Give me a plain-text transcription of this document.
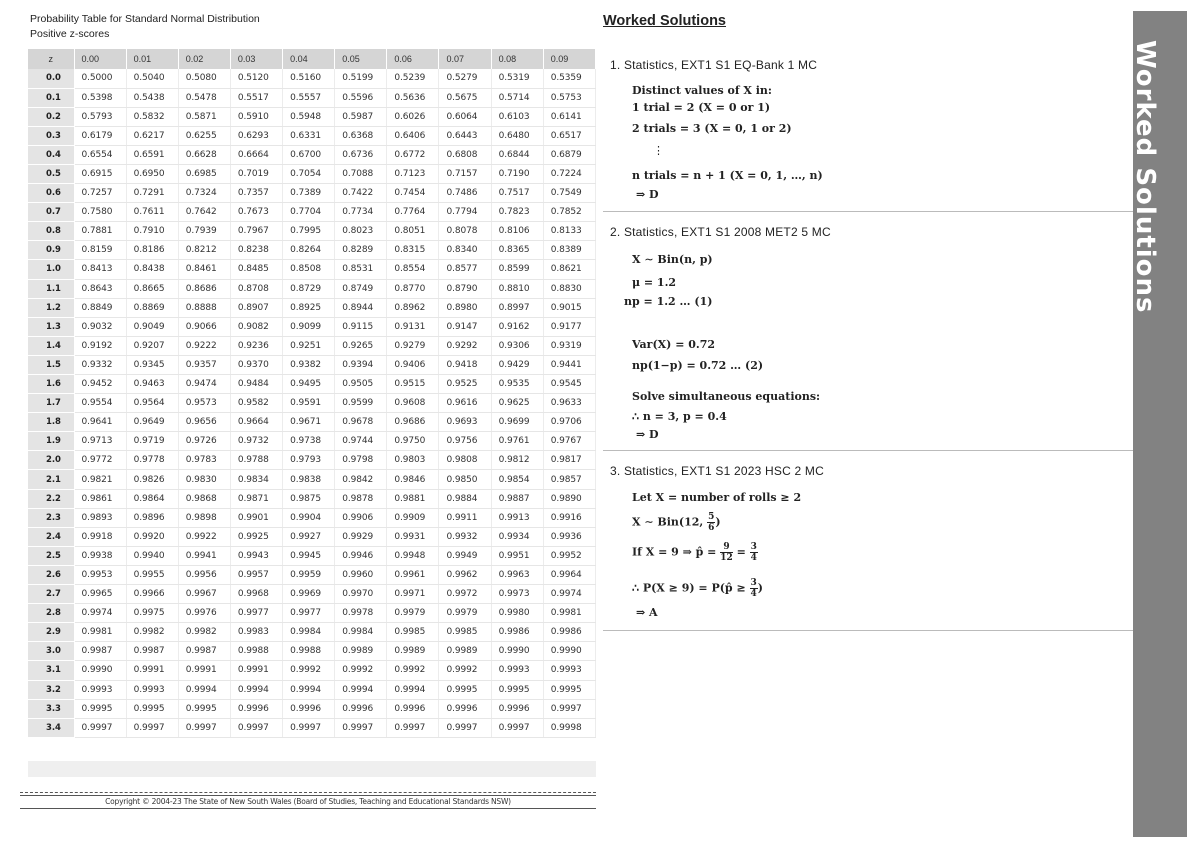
Probability Table for Standard Normal Distribution
Positive z-scores
z	0.00	0.01	0.02	0.03	0.04	0.05	0.06	0.07	0.08	0.09
0.0	0.5000	0.5040	0.5080	0.5120	0.5160	0.5199	0.5239	0.5279	0.5319	0.5359
0.1	0.5398	0.5438	0.5478	0.5517	0.5557	0.5596	0.5636	0.5675	0.5714	0.5753
0.2	0.5793	0.5832	0.5871	0.5910	0.5948	0.5987	0.6026	0.6064	0.6103	0.6141
0.3	0.6179	0.6217	0.6255	0.6293	0.6331	0.6368	0.6406	0.6443	0.6480	0.6517
0.4	0.6554	0.6591	0.6628	0.6664	0.6700	0.6736	0.6772	0.6808	0.6844	0.6879
0.5	0.6915	0.6950	0.6985	0.7019	0.7054	0.7088	0.7123	0.7157	0.7190	0.7224
0.6	0.7257	0.7291	0.7324	0.7357	0.7389	0.7422	0.7454	0.7486	0.7517	0.7549
0.7	0.7580	0.7611	0.7642	0.7673	0.7704	0.7734	0.7764	0.7794	0.7823	0.7852
0.8	0.7881	0.7910	0.7939	0.7967	0.7995	0.8023	0.8051	0.8078	0.8106	0.8133
0.9	0.8159	0.8186	0.8212	0.8238	0.8264	0.8289	0.8315	0.8340	0.8365	0.8389
1.0	0.8413	0.8438	0.8461	0.8485	0.8508	0.8531	0.8554	0.8577	0.8599	0.8621
1.1	0.8643	0.8665	0.8686	0.8708	0.8729	0.8749	0.8770	0.8790	0.8810	0.8830
1.2	0.8849	0.8869	0.8888	0.8907	0.8925	0.8944	0.8962	0.8980	0.8997	0.9015
1.3	0.9032	0.9049	0.9066	0.9082	0.9099	0.9115	0.9131	0.9147	0.9162	0.9177
1.4	0.9192	0.9207	0.9222	0.9236	0.9251	0.9265	0.9279	0.9292	0.9306	0.9319
1.5	0.9332	0.9345	0.9357	0.9370	0.9382	0.9394	0.9406	0.9418	0.9429	0.9441
1.6	0.9452	0.9463	0.9474	0.9484	0.9495	0.9505	0.9515	0.9525	0.9535	0.9545
1.7	0.9554	0.9564	0.9573	0.9582	0.9591	0.9599	0.9608	0.9616	0.9625	0.9633
1.8	0.9641	0.9649	0.9656	0.9664	0.9671	0.9678	0.9686	0.9693	0.9699	0.9706
1.9	0.9713	0.9719	0.9726	0.9732	0.9738	0.9744	0.9750	0.9756	0.9761	0.9767
2.0	0.9772	0.9778	0.9783	0.9788	0.9793	0.9798	0.9803	0.9808	0.9812	0.9817
2.1	0.9821	0.9826	0.9830	0.9834	0.9838	0.9842	0.9846	0.9850	0.9854	0.9857
2.2	0.9861	0.9864	0.9868	0.9871	0.9875	0.9878	0.9881	0.9884	0.9887	0.9890
2.3	0.9893	0.9896	0.9898	0.9901	0.9904	0.9906	0.9909	0.9911	0.9913	0.9916
2.4	0.9918	0.9920	0.9922	0.9925	0.9927	0.9929	0.9931	0.9932	0.9934	0.9936
2.5	0.9938	0.9940	0.9941	0.9943	0.9945	0.9946	0.9948	0.9949	0.9951	0.9952
2.6	0.9953	0.9955	0.9956	0.9957	0.9959	0.9960	0.9961	0.9962	0.9963	0.9964
2.7	0.9965	0.9966	0.9967	0.9968	0.9969	0.9970	0.9971	0.9972	0.9973	0.9974
2.8	0.9974	0.9975	0.9976	0.9977	0.9977	0.9978	0.9979	0.9979	0.9980	0.9981
2.9	0.9981	0.9982	0.9982	0.9983	0.9984	0.9984	0.9985	0.9985	0.9986	0.9986
3.0	0.9987	0.9987	0.9987	0.9988	0.9988	0.9989	0.9989	0.9989	0.9990	0.9990
3.1	0.9990	0.9991	0.9991	0.9991	0.9992	0.9992	0.9992	0.9992	0.9993	0.9993
3.2	0.9993	0.9993	0.9994	0.9994	0.9994	0.9994	0.9994	0.9995	0.9995	0.9995
3.3	0.9995	0.9995	0.9995	0.9996	0.9996	0.9996	0.9996	0.9996	0.9996	0.9997
3.4	0.9997	0.9997	0.9997	0.9997	0.9997	0.9997	0.9997	0.9997	0.9997	0.9998
Copyright © 2004-23 The State of New South Wales (Board of Studies, Teaching and Educational Standards NSW)
Worked Solutions
1. Statistics, EXT1 S1 EQ-Bank 1 MC
Distinct values of X in:
1 trial = 2 (X = 0 or 1)
2 trials = 3 (X = 0, 1 or 2)
⋮
n trials = n + 1 (X = 0, 1, …, n)
⇒ D
2. Statistics, EXT1 S1 2008 MET2 5 MC
X ∼ Bin(n, p)
μ = 1.2
np = 1.2 … (1)
Var(X) = 0.72
np(1−p) = 0.72 … (2)
Solve simultaneous equations:
∴ n = 3, p = 0.4
⇒ D
3. Statistics, EXT1 S1 2023 HSC 2 MC
Let X = number of rolls ≥ 2
X ∼ Bin(12, $\frac{5}{6}$ )
If X = 9 ⇒ p̂ = $\frac{9}{12} = \frac{3}{4}$
∴ P(X ≥ 9) = P(p̂ ≥ $\frac{3}{4}$ )
⇒ A
Worked Solutions
